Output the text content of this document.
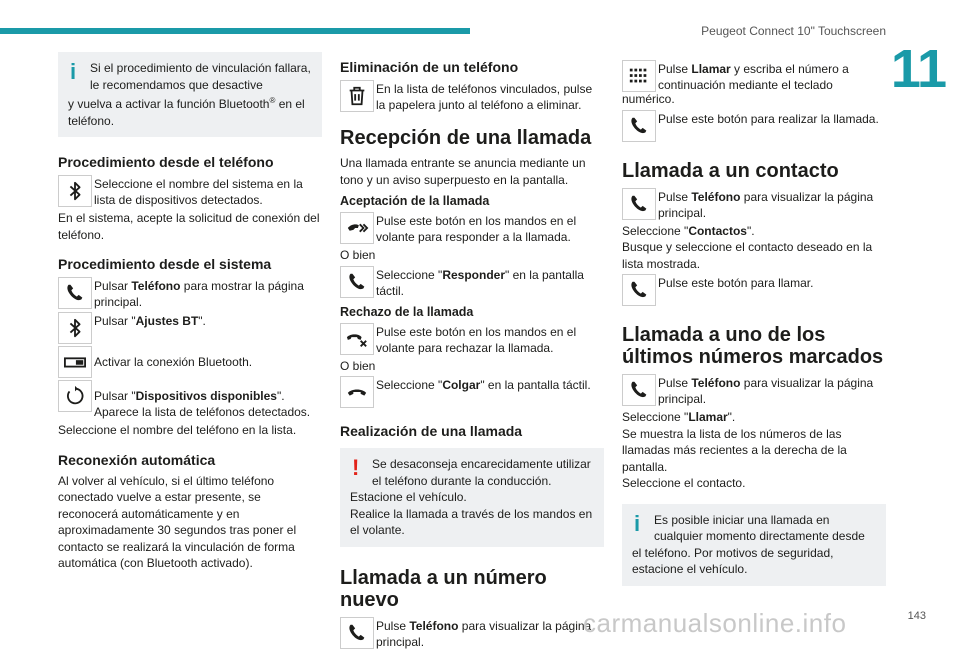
Peugeot Connect 10" Touchscreen
11
i	Si el procedimiento de vinculación fallara, le recomendamos que desactive

y vuelva a activar la función Bluetooth® en el teléfono.

Procedimiento desde el teléfono
Seleccione el nombre del sistema en la lista de dispositivos detectados.

En el sistema, acepte la solicitud de conexión del teléfono.

Procedimiento desde el sistema
Pulsar Teléfono para mostrar la página principal.
Pulsar "Ajustes BT".
Activar la conexión Bluetooth.
Pulsar "Dispositivos disponibles".
Aparece la lista de teléfonos detectados.

Seleccione el nombre del teléfono en la lista.

Reconexión automática

Al volver al vehículo, si el último teléfono conectado vuelve a estar presente, se reconocerá automáticamente y en aproximadamente 30 segundos tras poner el contacto se realizará la vinculación de forma automática (con Bluetooth activado).

Eliminación de un teléfono
En la lista de teléfonos vinculados, pulse la papelera junto al teléfono a eliminar.
Recepción de una llamada

Una llamada entrante se anuncia mediante un tono y un aviso superpuesto en la pantalla.

Aceptación de la llamada
Pulse este botón en los mandos en el volante para responder a la llamada.

O bien

Seleccione "Responder" en la pantalla táctil.
Rechazo de la llamada
Pulse este botón en los mandos en el volante para rechazar la llamada.

O bien

Seleccione "Colgar" en la pantalla táctil.
Realización de una llamada
!	Se desaconseja encarecidamente utilizar el teléfono durante la conducción.

Estacione el vehículo.

Realice la llamada a través de los mandos en el volante.

Llamada a un número nuevo
Pulse Teléfono para visualizar la página principal.
Pulse Llamar y escriba el número a continuación mediante el teclado

numérico.

Pulse este botón para realizar la llamada.
Llamada a un contacto
Pulse Teléfono para visualizar la página principal.

Seleccione "Contactos".

Busque y seleccione el contacto deseado en la lista mostrada.

Pulse este botón para llamar.
Llamada a uno de los últimos números marcados
Pulse Teléfono para visualizar la página principal.

Seleccione "Llamar".

Se muestra la lista de los números de las llamadas más recientes a la derecha de la pantalla.

Seleccione el contacto.

i	Es posible iniciar una llamada en cualquier momento directamente desde

el teléfono. Por motivos de seguridad, estacione el vehículo.

143
carmanualsonline.info
